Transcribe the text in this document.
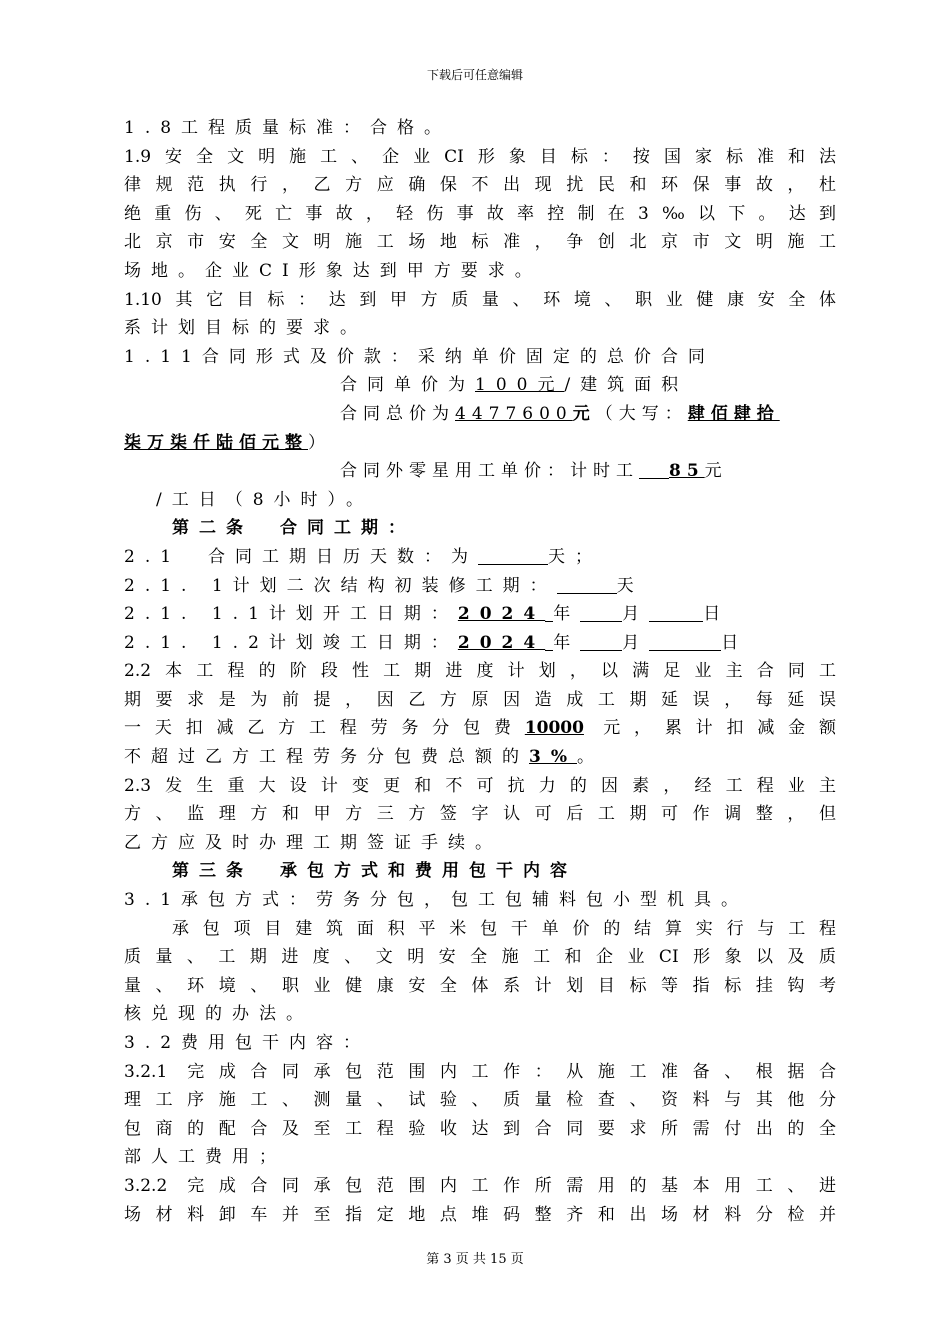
下载后可任意编辑
1.8工程质量标准：合格。
1.9安全文明施工、企业CI形象目标：按国家标准和法
律规范执行，乙方应确保不出现扰民和环保事故，杜
绝重伤、死亡事故，轻伤事故率控制在3‰以下。达到
北京市安全文明施工场地标准，争创北京市文明施工
场地。企业CI形象达到甲方要求。
1.10其它目标：达到甲方质量、环境、职业健康安全体
系计划目标的要求。
1.11合同形式及价款：采纳单价固定的总价合同
合同单价为100元/建筑面积
合同总价为4477600元（大写：肆佰肆拾
柒万柒仟陆佰元整）
合同外零星用工单价：计时工 85元
/工日（8小时）。
第二条　合同工期：
2.1　合同工期日历天数：为	天；
2.1. 1计划二次结构初装修工期：	天
2.1. 1.1计划开工日期：2024 年 月	日
2.1. 1.2计划竣工日期：2024 年 月	日
2.2本工程的阶段性工期进度计划，以满足业主合同工
期要求是为前提，因乙方原因造成工期延误，每延误
一天扣减乙方工程劳务分包费10000 元，累计扣减金额
不超过乙方工程劳务分包费总额的3%。
2.3发生重大设计变更和不可抗力的因素，经工程业主
方、监理方和甲方三方签字认可后工期可作调整，但
乙方应及时办理工期签证手续。
第三条　承包方式和费用包干内容
3.1承包方式：劳务分包，包工包辅料包小型机具。
承包项目建筑面积平米包干单价的结算实行与工程
质量、工期进度、文明安全施工和企业CI形象以及质
量、环境、职业健康安全体系计划目标等指标挂钩考
核兑现的办法。
3.2费用包干内容：
3.2.1 完成合同承包范围内工作：从施工准备、根据合
理工序施工、测量、试验、质量检查、资料与其他分
包商的配合及至工程验收达到合同要求所需付出的全
部人工费用；
3.2.2 完成合同承包范围内工作所需用的基本用工、进
场材料卸车并至指定地点堆码整齐和出场材料分检并
第 3 页 共 15 页
